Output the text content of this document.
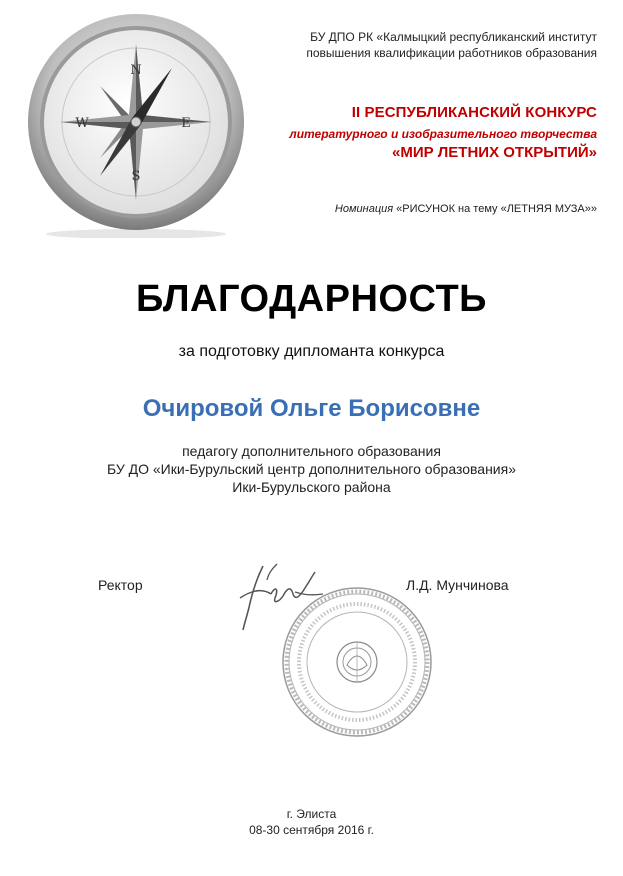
N
S
E
W
БУ ДПО РК «Калмыцкий республиканский институт
повышения квалификации работников образования
II РЕСПУБЛИКАНСКИЙ КОНКУРС
литературного и изобразительного творчества
«МИР ЛЕТНИХ ОТКРЫТИЙ»
Номинация «РИСУНОК на тему «ЛЕТНЯЯ МУЗА»»
БЛАГОДАРНОСТЬ
за подготовку дипломанта конкурса
Очировой Ольге Борисовне
педагогу дополнительного образования
БУ ДО «Ики-Бурульский центр дополнительного образования»
Ики-Бурульского района
Ректор	Л.Д. Мунчинова
г. Элиста
08-30 сентября 2016 г.
